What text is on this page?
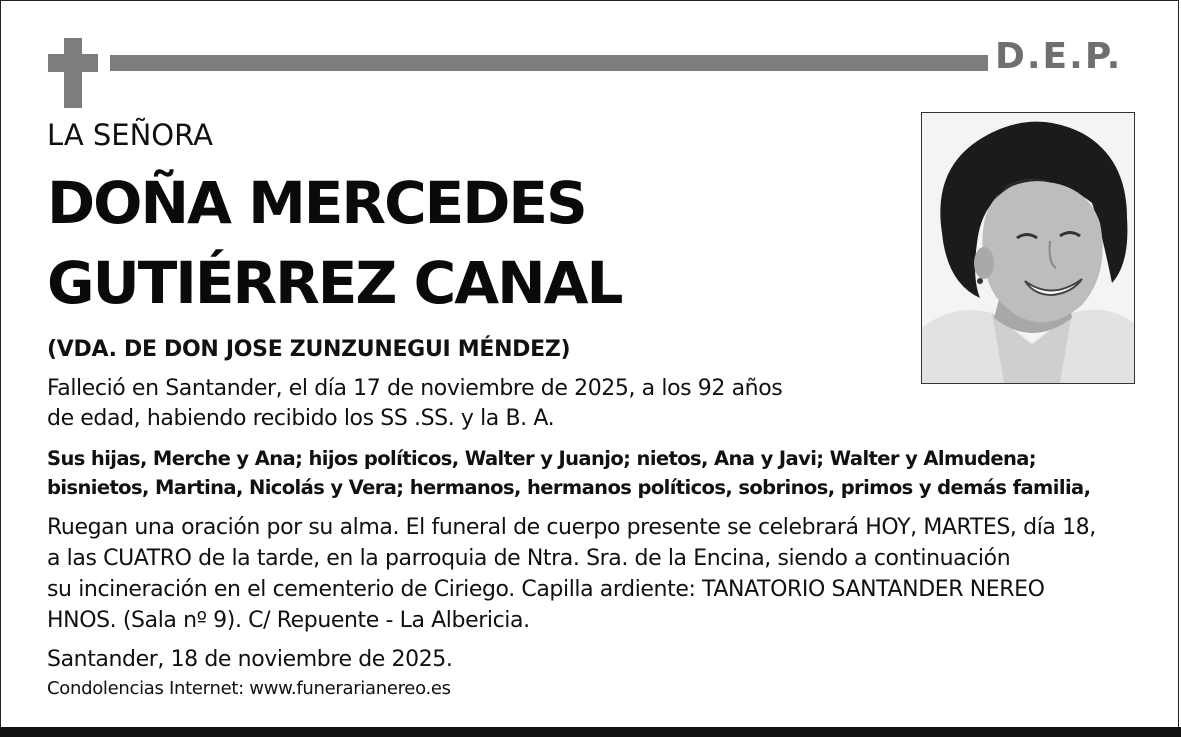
D.E.P.
LA SEÑORA
DOÑA MERCEDES
GUTIÉRREZ CANAL
(VDA. DE DON JOSE ZUNZUNEGUI MÉNDEZ)
Falleció en Santander, el día 17 de noviembre de 2025, a los 92 años
de edad, habiendo recibido los SS .SS. y la B. A.
Sus hijas, Merche y Ana; hijos políticos, Walter y Juanjo; nietos, Ana y Javi; Walter y Almudena;
bisnietos, Martina, Nicolás y Vera; hermanos, hermanos políticos, sobrinos, primos y demás familia,
Ruegan una oración por su alma. El funeral de cuerpo presente se celebrará HOY, MARTES, día 18,
a las CUATRO de la tarde, en la parroquia de Ntra. Sra. de la Encina, siendo a continuación
su incineración en el cementerio de Ciriego. Capilla ardiente: TANATORIO SANTANDER NEREO
HNOS. (Sala nº 9). C/ Repuente - La Albericia.
Santander, 18 de noviembre de 2025.
Condolencias Internet: www.funerarianereo.es
